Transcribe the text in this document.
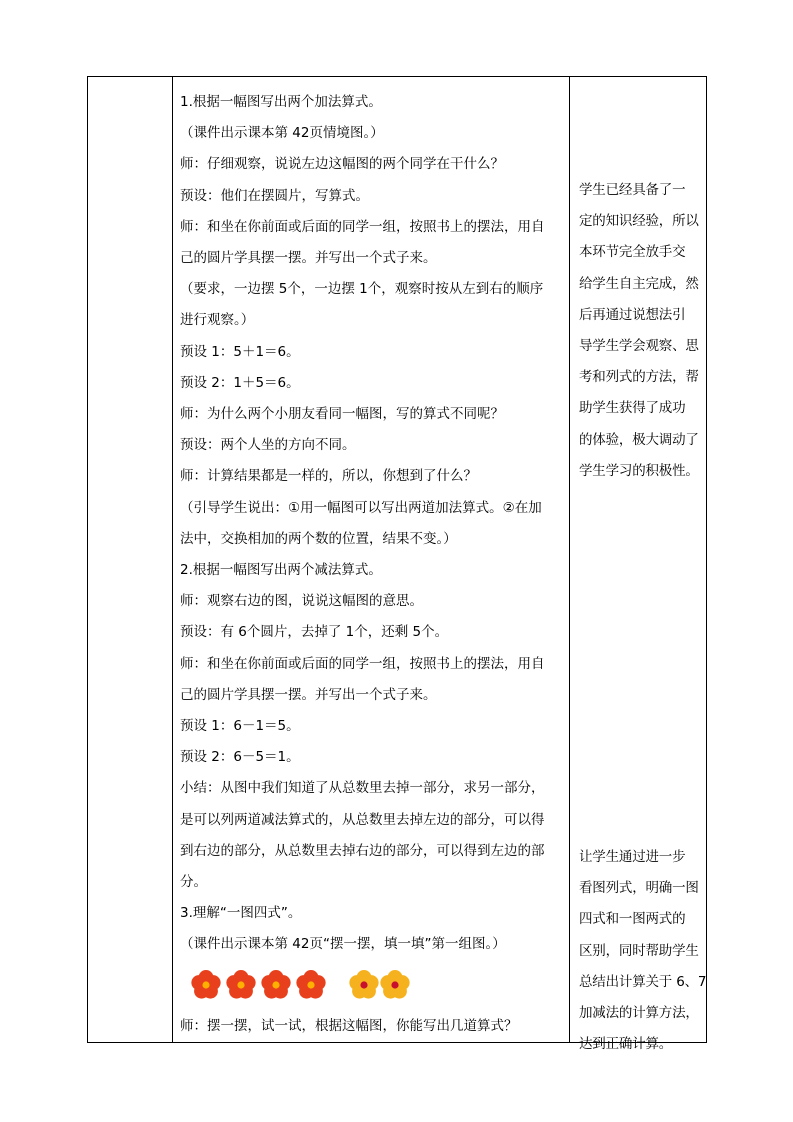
1.根据一幅图写出两个加法算式。
（课件出示课本第 42页情境图。）
师：仔细观察，说说左边这幅图的两个同学在干什么？
预设：他们在摆圆片，写算式。
师：和坐在你前面或后面的同学一组，按照书上的摆法，用自
己的圆片学具摆一摆。并写出一个式子来。
（要求，一边摆 5个，一边摆 1个，观察时按从左到右的顺序
进行观察。）
预设 1：5＋1＝6。
预设 2：1＋5＝6。
师：为什么两个小朋友看同一幅图，写的算式不同呢？
预设：两个人坐的方向不同。
师：计算结果都是一样的，所以，你想到了什么？
（引导学生说出：①用一幅图可以写出两道加法算式。②在加
法中，交换相加的两个数的位置，结果不变。）
2.根据一幅图写出两个减法算式。
师：观察右边的图，说说这幅图的意思。
预设：有 6个圆片，去掉了 1个，还剩 5个。
师：和坐在你前面或后面的同学一组，按照书上的摆法，用自
己的圆片学具摆一摆。并写出一个式子来。
预设 1：6－1＝5。
预设 2：6－5＝1。
小结：从图中我们知道了从总数里去掉一部分，求另一部分，
是可以列两道减法算式的，从总数里去掉左边的部分，可以得
到右边的部分，从总数里去掉右边的部分，可以得到左边的部
分。
3.理解“一图四式”。
（课件出示课本第 42页“摆一摆，填一填”第一组图。）
师：摆一摆，试一试，根据这幅图，你能写出几道算式？
学生已经具备了一
定的知识经验，所以
本环节完全放手交
给学生自主完成，然
后再通过说想法引
导学生学会观察、思
考和列式的方法，帮
助学生获得了成功
的体验，极大调动了
学生学习的积极性。
让学生通过进一步
看图列式，明确一图
四式和一图两式的
区别，同时帮助学生
总结出计算关于 6、7
加减法的计算方法，
达到正确计算。
